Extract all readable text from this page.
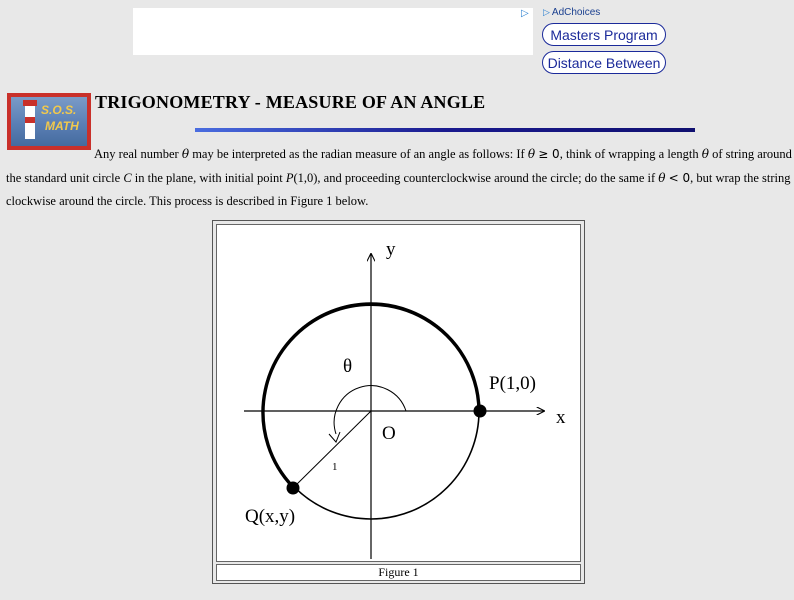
▷ ▷ AdChoices
Masters Program
Distance Between
S.O.S.
MATH
TRIGONOMETRY - MEASURE OF AN ANGLE
Any real number θ may be interpreted as the radian measure of an angle as follows: If θ ≥ 0, think of wrapping a length θ of string around the standard unit circle C in the plane, with initial point P(1,0), and proceeding counterclockwise around the circle; do the same if θ < 0, but wrap the string clockwise around the circle. This process is described in Figure 1 below.
y
x
θ
O
P(1,0)
Q(x,y)
1
Figure 1
